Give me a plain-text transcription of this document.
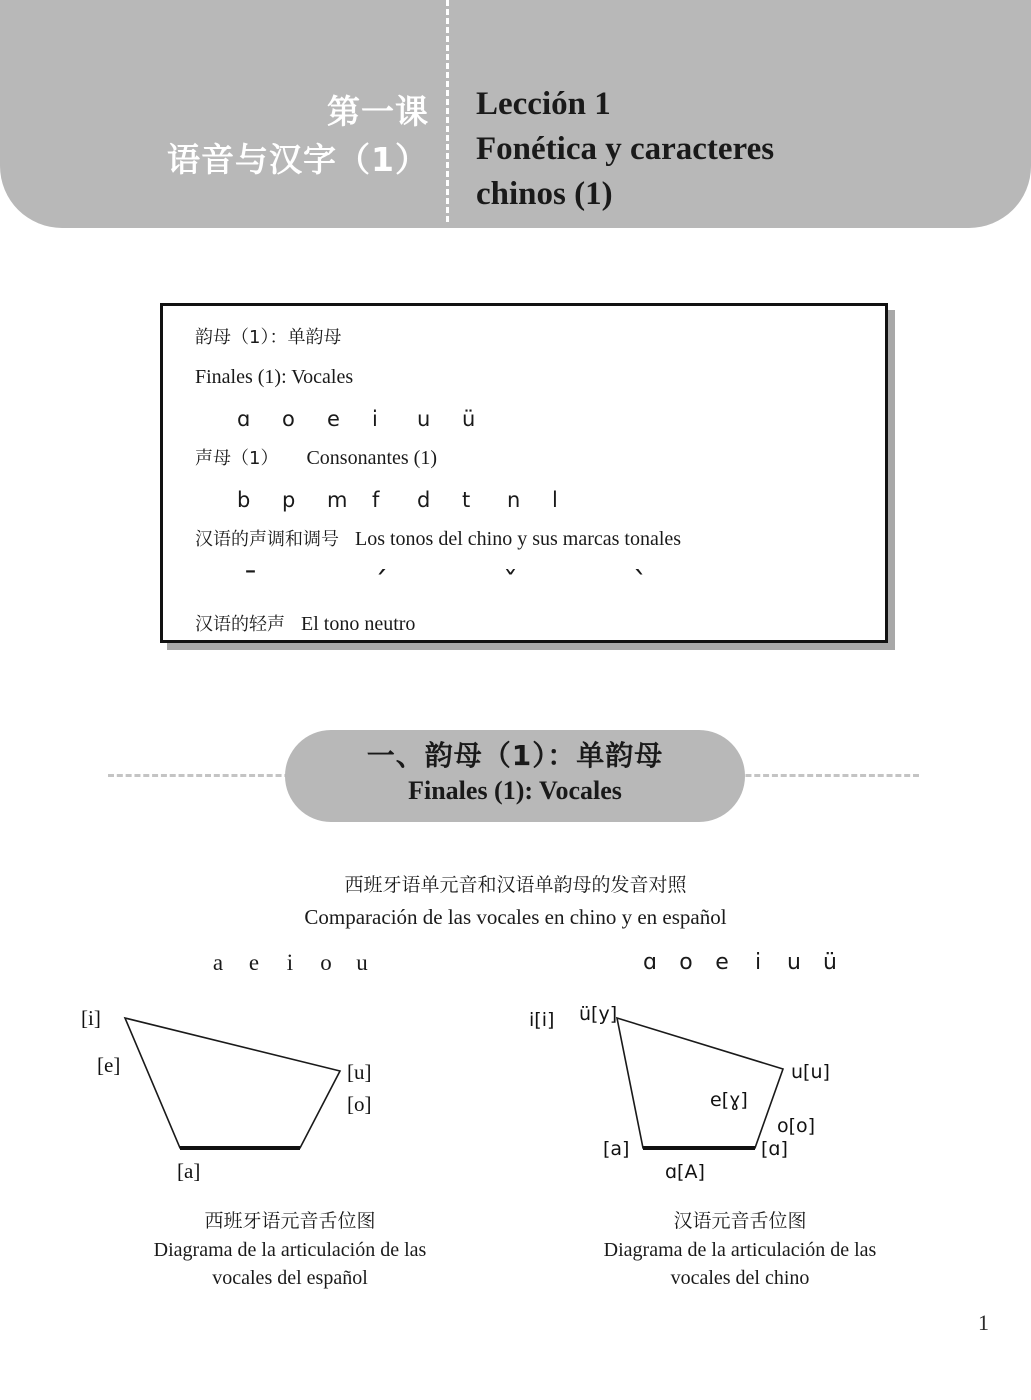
第一课
语音与汉字（1）
Lección 1
Fonética y caracteres
chinos (1)
韵母（1）：单韵母
Finales (1): Vocales
ɑ o e i u ü
声母（1） Consonantes (1)
b p m f d t n l
汉语的声调和调号 Los tonos del chino y sus marcas tonales
ˉ	ˊ	ˇ	ˋ
汉语的轻声 El tono neutro
一、韵母（1）：单韵母
Finales (1): Vocales
西班牙语单元音和汉语单韵母的发音对照
Comparación de las vocales en chino y en español
a e i o u
[i]
[e]	[u]
[o]
[a]
西班牙语元音舌位图
Diagrama de la articulación de las
vocales del español
ɑ o e i u ü
i[i] ü[y]
u[u]
e[ɣ]
o[o]
[a]
ɑ[A]
[ɑ]
汉语元音舌位图
Diagrama de la articulación de las
vocales del chino
1
